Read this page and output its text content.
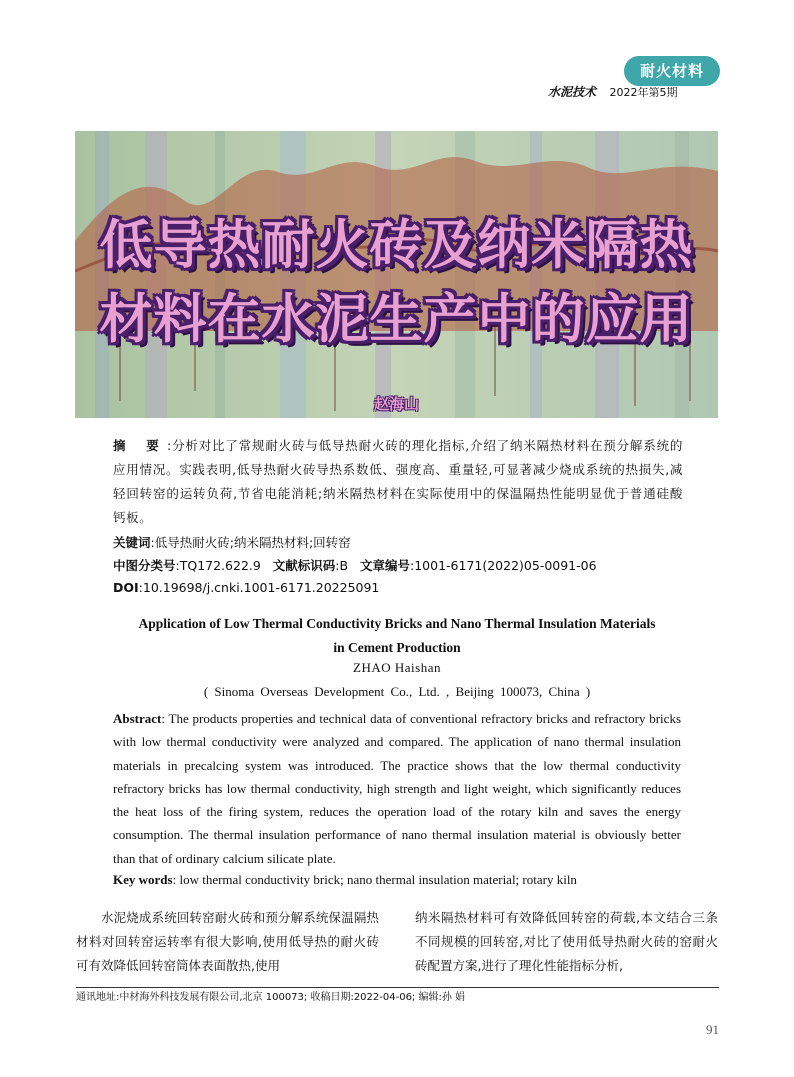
耐火材料
水泥技术 2022年第5期
低导热耐火砖及纳米隔热
材料在水泥生产中的应用
赵海山
摘 要:分析对比了常规耐火砖与低导热耐火砖的理化指标,介绍了纳米隔热材料在预分解系统的应用情况。实践表明,低导热耐火砖导热系数低、强度高、重量轻,可显著减少烧成系统的热损失,减轻回转窑的运转负荷,节省电能消耗;纳米隔热材料在实际使用中的保温隔热性能明显优于普通硅酸钙板。
关键词:低导热耐火砖;纳米隔热材料;回转窑
中图分类号:TQ172.622.9 文献标识码:B 文章编号:1001-6171(2022)05-0091-06
DOI:10.19698/j.cnki.1001-6171.20225091
Application of Low Thermal Conductivity Bricks and Nano Thermal Insulation Materials
in Cement Production
ZHAO Haishan
( Sinoma Overseas Development Co., Ltd. , Beijing 100073, China )
Abstract: The products properties and technical data of conventional refractory bricks and refractory bricks with low thermal conductivity were analyzed and compared. The application of nano thermal insulation materials in precalcing system was introduced. The practice shows that the low thermal conductivity refractory bricks has low thermal conductivity, high strength and light weight, which significantly reduces the heat loss of the firing system, reduces the operation load of the rotary kiln and saves the energy consumption. The thermal insulation performance of nano thermal insulation material is obviously better than that of ordinary calcium silicate plate.
Key words: low thermal conductivity brick; nano thermal insulation material; rotary kiln
水泥烧成系统回转窑耐火砖和预分解系统保温隔热材料对回转窑运转率有很大影响,使用低导热的耐火砖可有效降低回转窑筒体表面散热,使用
纳米隔热材料可有效降低回转窑的荷载,本文结合三条不同规模的回转窑,对比了使用低导热耐火砖的窑耐火砖配置方案,进行了理化性能指标分析,
通讯地址:中材海外科技发展有限公司,北京 100073; 收稿日期:2022-04-06; 编辑:孙 娟
91
